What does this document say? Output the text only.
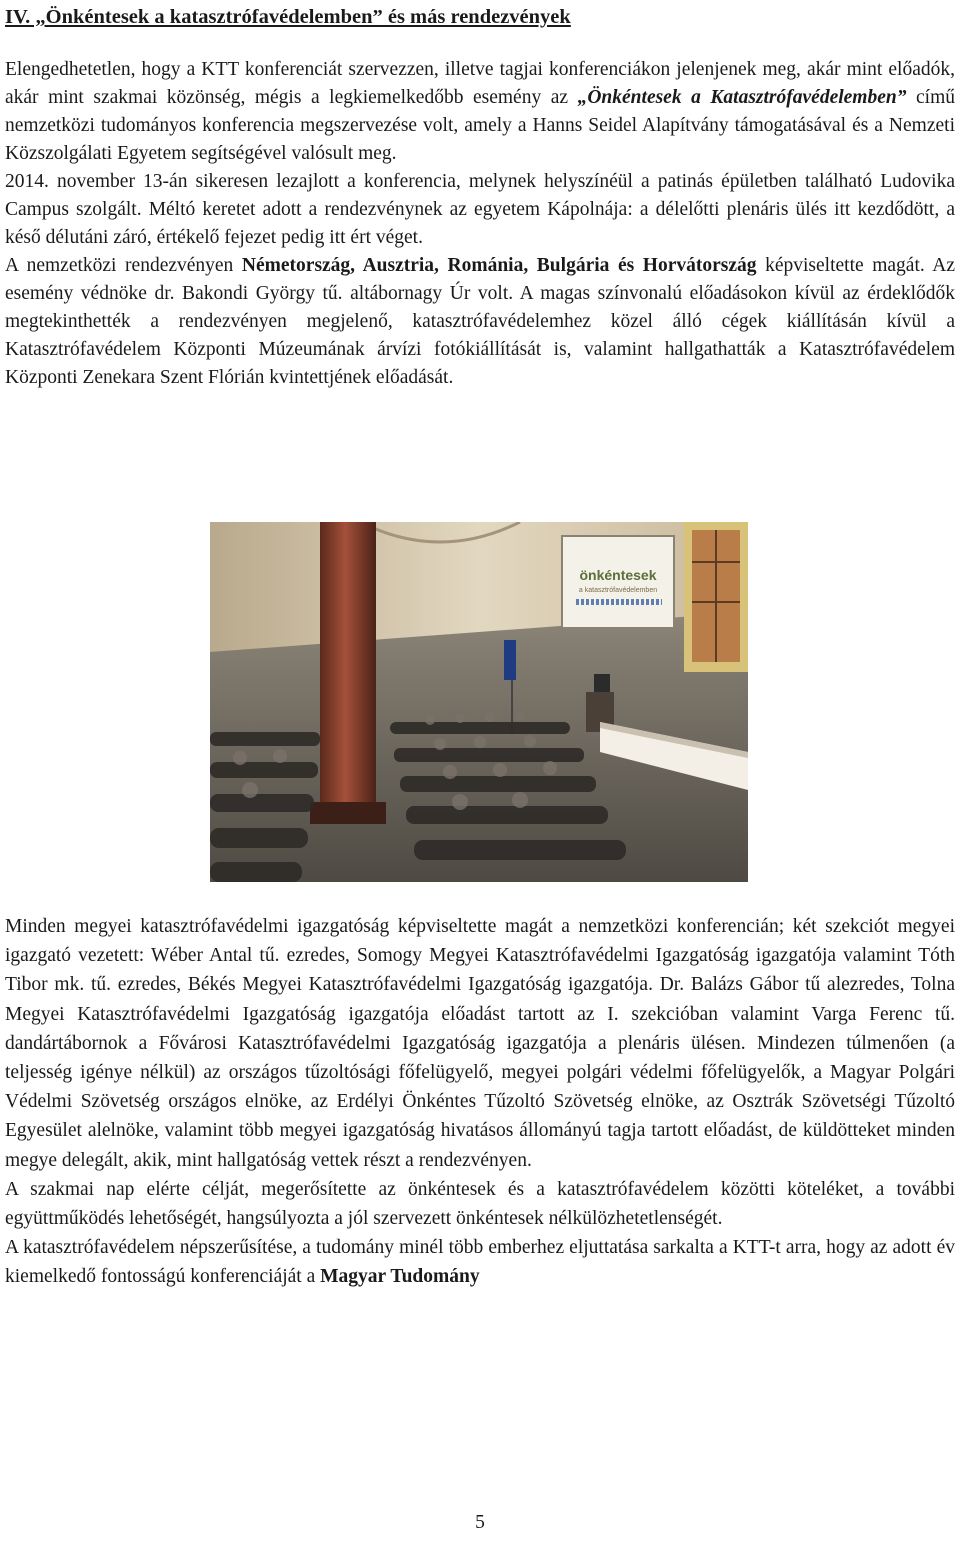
IV. „Önkéntesek a katasztrófavédelemben” és más rendezvények

Elengedhetetlen, hogy a KTT konferenciát szervezzen, illetve tagjai konferenciákon jelenjenek meg, akár mint előadók, akár mint szakmai közönség, mégis a legkiemelkedőbb esemény az „Önkéntesek a Katasztrófavédelemben” című nemzetközi tudományos konferencia megszervezése volt, amely a Hanns Seidel Alapítvány támogatásával és a Nemzeti Közszolgálati Egyetem segítségével valósult meg.

2014. november 13-án sikeresen lezajlott a konferencia, melynek helyszínéül a patinás épületben található Ludovika Campus szolgált. Méltó keretet adott a rendezvénynek az egyetem Kápolnája: a délelőtti plenáris ülés itt kezdődött, a késő délutáni záró, értékelő fejezet pedig itt ért véget.

A nemzetközi rendezvényen Németország, Ausztria, Románia, Bulgária és Horvátország képviseltette magát. Az esemény védnöke dr. Bakondi György tű. altábornagy Úr volt. A magas színvonalú előadásokon kívül az érdeklődők megtekinthették a rendezvényen megjelenő, katasztrófavédelemhez közel álló cégek kiállításán kívül a Katasztrófavédelem Központi Múzeumának árvízi fotókiállítását is, valamint hallgathatták a Katasztrófavédelem Központi Zenekara Szent Flórián kvintettjének előadását.

önkéntesek
a katasztrófavédelemben

Minden megyei katasztrófavédelmi igazgatóság képviseltette magát a nemzetközi konferencián; két szekciót megyei igazgató vezetett: Wéber Antal tű. ezredes, Somogy Megyei Katasztrófavédelmi Igazgatóság igazgatója valamint Tóth Tibor mk. tű. ezredes, Békés Megyei Katasztrófavédelmi Igazgatóság igazgatója. Dr. Balázs Gábor tű alezredes, Tolna Megyei Katasztrófavédelmi Igazgatóság igazgatója előadást tartott az I. szekcióban valamint Varga Ferenc tű. dandártábornok a Fővárosi Katasztrófavédelmi Igazgatóság igazgatója a plenáris ülésen. Mindezen túlmenően (a teljesség igénye nélkül) az országos tűzoltósági főfelügyelő, megyei polgári védelmi főfelügyelők, a Magyar Polgári Védelmi Szövetség országos elnöke, az Erdélyi Önkéntes Tűzoltó Szövetség elnöke, az Osztrák Szövetségi Tűzoltó Egyesület alelnöke, valamint több megyei igazgatóság hivatásos állományú tagja tartott előadást, de küldötteket minden megye delegált, akik, mint hallgatóság vettek részt a rendezvényen.

A szakmai nap elérte célját, megerősítette az önkéntesek és a katasztrófavédelem közötti köteléket, a további együttműködés lehetőségét, hangsúlyozta a jól szervezett önkéntesek nélkülözhetetlenségét.

A katasztrófavédelem népszerűsítése, a tudomány minél több emberhez eljuttatása sarkalta a KTT-t arra, hogy az adott év kiemelkedő fontosságú konferenciáját a Magyar Tudomány

5
